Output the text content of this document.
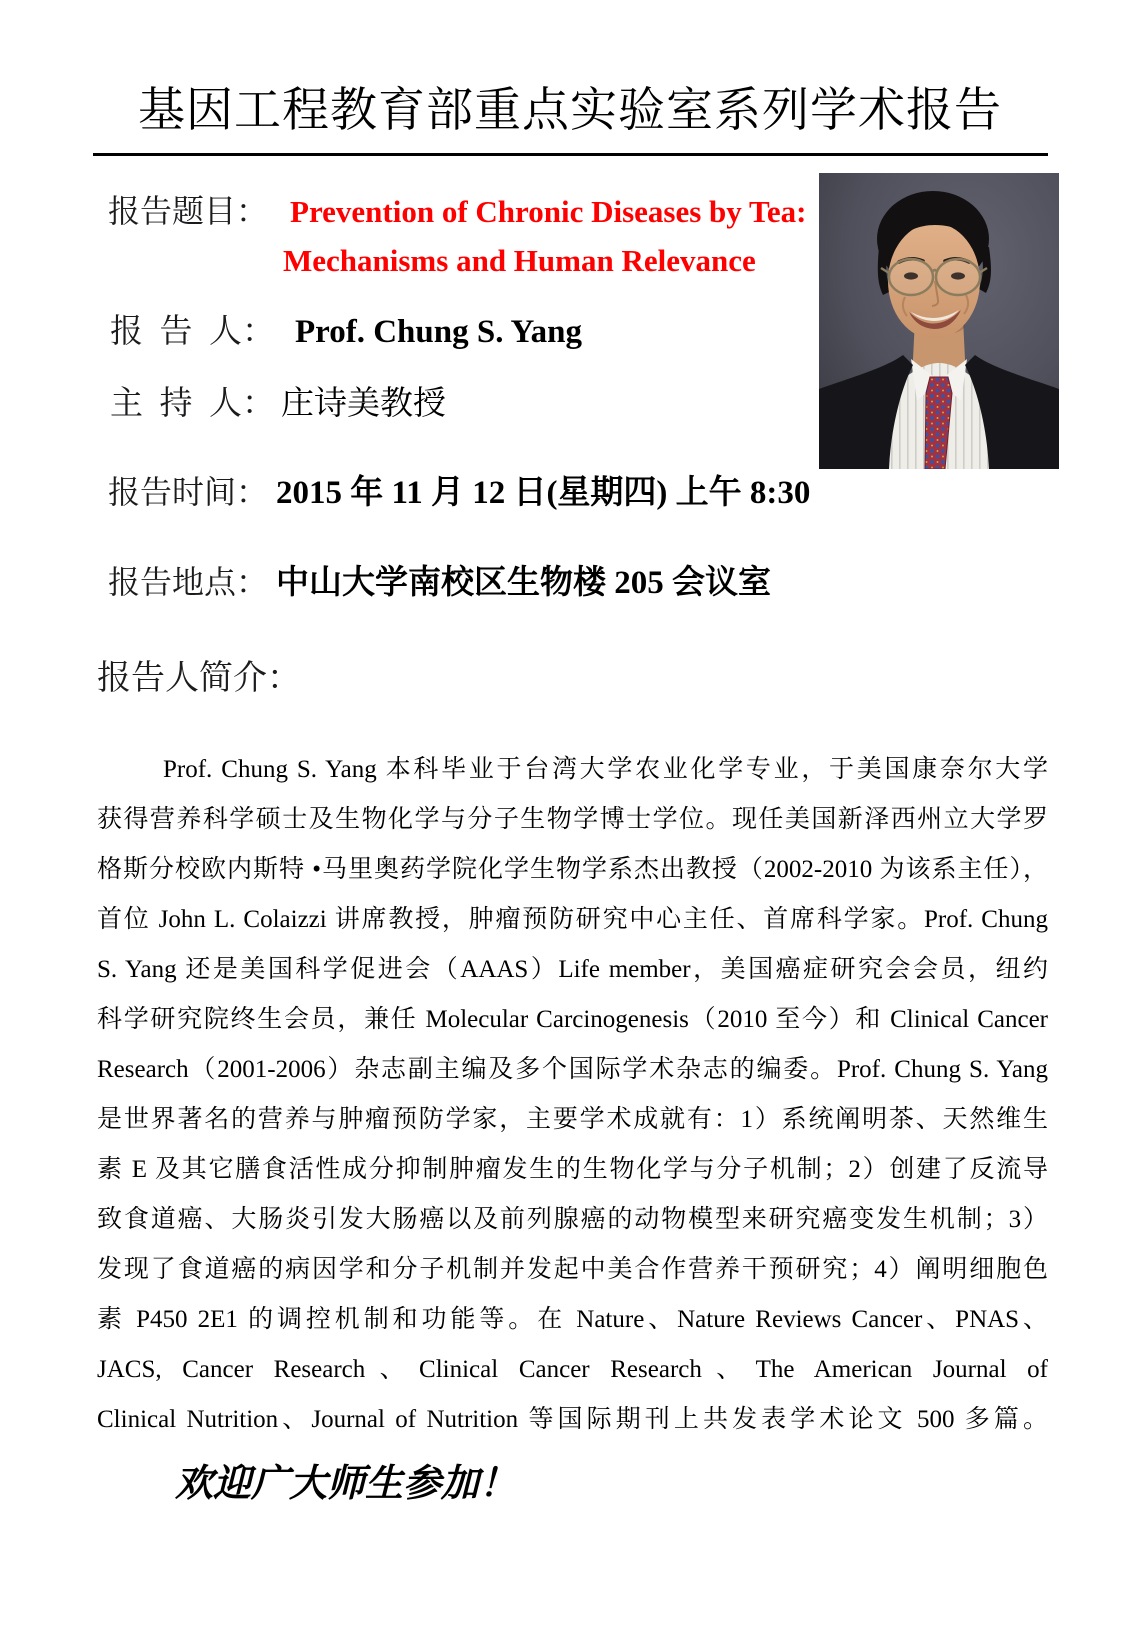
基因工程教育部重点实验室系列学术报告
报告题目： Prevention of Chronic Diseases by Tea:
Mechanisms and Human Relevance
报  告  人： Prof. Chung S. Yang
主  持  人： 庄诗美教授
报告时间： 2015 年 11 月 12 日(星期四) 上午 8:30
报告地点： 中山大学南校区生物楼 205 会议室
报告人简介：
Prof. Chung S. Yang 本科毕业于台湾大学农业化学专业，于美国康奈尔大学
获得营养科学硕士及生物化学与分子生物学博士学位。现任美国新泽西州立大学罗
格斯分校欧内斯特 •马里奥药学院化学生物学系杰出教授（2002-2010 为该系主任），
首位 John L. Colaizzi 讲席教授，肿瘤预防研究中心主任、首席科学家。Prof. Chung
S. Yang 还是美国科学促进会（AAAS）Life member，美国癌症研究会会员，纽约
科学研究院终生会员，兼任 Molecular Carcinogenesis（2010 至今）和 Clinical Cancer
Research（2001-2006）杂志副主编及多个国际学术杂志的编委。Prof. Chung S. Yang
是世界著名的营养与肿瘤预防学家，主要学术成就有：1）系统阐明茶、天然维生
素 E 及其它膳食活性成分抑制肿瘤发生的生物化学与分子机制；2）创建了反流导
致食道癌、大肠炎引发大肠癌以及前列腺癌的动物模型来研究癌变发生机制；3）
发现了食道癌的病因学和分子机制并发起中美合作营养干预研究；4）阐明细胞色
素 P450 2E1 的调控机制和功能等。在 Nature、Nature Reviews Cancer、PNAS、
JACS, Cancer Research、Clinical Cancer Research、The American Journal of
Clinical Nutrition、Journal of Nutrition 等国际期刊上共发表学术论文 500 多篇。
欢迎广大师生参加！
